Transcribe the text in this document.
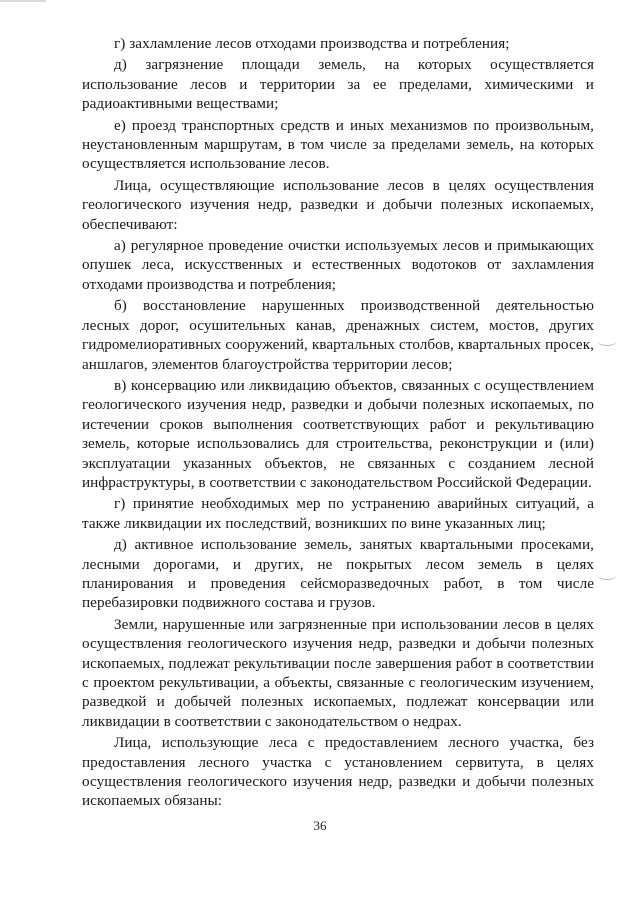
г) захламление лесов отходами производства и потребления;

д) загрязнение площади земель, на которых осуществляется использование лесов и территории за ее пределами, химическими и радиоактивными веществами;

е) проезд транспортных средств и иных механизмов по произвольным, неустановленным маршрутам, в том числе за пределами земель, на которых осуществляется использование лесов.

Лица, осуществляющие использование лесов в целях осуществления геологического изучения недр, разведки и добычи полезных ископаемых, обеспечивают:

а) регулярное проведение очистки используемых лесов и примыкающих опушек леса, искусственных и естественных водотоков от захламления отходами производства и потребления;

б) восстановление нарушенных производственной деятельностью лесных дорог, осушительных канав, дренажных систем, мостов, других гидромелиоративных сооружений, квартальных столбов, квартальных просек, аншлагов, элементов благоустройства территории лесов;

в) консервацию или ликвидацию объектов, связанных с осуществлением геологического изучения недр, разведки и добычи полезных ископаемых, по истечении сроков выполнения соответствующих работ и рекультивацию земель, которые использовались для строительства, реконструкции и (или) эксплуатации указанных объектов, не связанных с созданием лесной инфраструктуры, в соответствии с законодательством Российской Федерации.

г) принятие необходимых мер по устранению аварийных ситуаций, а также ликвидации их последствий, возникших по вине указанных лиц;

д) активное использование земель, занятых квартальными просеками, лесными дорогами, и других, не покрытых лесом земель в целях планирования и проведения сейсморазведочных работ, в том числе перебазировки подвижного состава и грузов.

Земли, нарушенные или загрязненные при использовании лесов в целях осуществления геологического изучения недр, разведки и добычи полезных ископаемых, подлежат рекультивации после завершения работ в соответствии с проектом рекультивации, а объекты, связанные с геологическим изучением, разведкой и добычей полезных ископаемых, подлежат консервации или ликвидации в соответствии с законодательством о недрах.

Лица, использующие леса с предоставлением лесного участка, без предоставления лесного участка с установлением сервитута, в целях осуществления геологического изучения недр, разведки и добычи полезных ископаемых обязаны:

36
